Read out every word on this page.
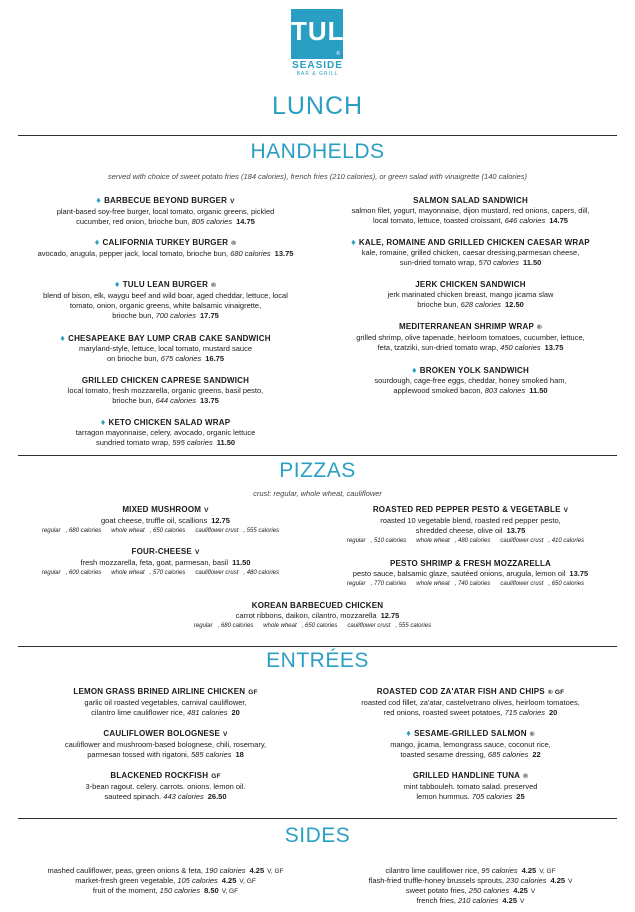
TULU
®
SEASIDE
BAR & GRILL
LUNCH
HANDHELDS
served with choice of sweet potato fries (184 calories), french fries (210 calories), or green salad with vinaigrette (140 calories)
♦ BARBECUE BEYOND BURGER V
plant-based soy-free burger, local tomato, organic greens, pickled
cucumber, red onion, brioche bun, 805 calories 14.75
♦ CALIFORNIA TURKEY BURGER ®
avocado, arugula, pepper jack, local tomato, brioche bun, 680 calories 13.75
♦ TULU LEAN BURGER ®
blend of bison, elk, waygu beef and wild boar, aged cheddar, lettuce, local
tomato, onion, organic greens, white balsamic vinaigrette,
brioche bun, 700 calories 17.75
♦ CHESAPEAKE BAY LUMP CRAB CAKE SANDWICH
maryland-style, lettuce, local tomato, mustard sauce
on brioche bun, 675 calories 16.75
GRILLED CHICKEN CAPRESE SANDWICH
local tomato, fresh mozzarella, organic greens, basil pesto,
brioche bun, 644 calories 13.75
♦ KETO CHICKEN SALAD WRAP
tarragon mayonnaise, celery, avocado, organic lettuce
sundried tomato wrap, 595 calories 11.50
SALMON SALAD SANDWICH
salmon filet, yogurt, mayonnaise, dijon mustard, red onions, capers, dill,
local tomato, lettuce, toasted croissant, 646 calories 14.75
♦ KALE, ROMAINE AND GRILLED CHICKEN CAESAR WRAP
kale, romaine, grilled chicken, caesar dressing,parmesan cheese,
sun-dried tomato wrap, 570 calories 11.50
JERK CHICKEN SANDWICH
jerk marinated chicken breast, mango jicama slaw
brioche bun, 628 calories 12.50
MEDITERRANEAN SHRIMP WRAP ®
grilled shrimp, olive tapenade, heirloom tomatoes, cucumber, lettuce,
feta, tzatziki, sun-dried tomato wrap, 450 calories 13.75
♦ BROKEN YOLK SANDWICH
sourdough, cage-free eggs, cheddar, honey smoked ham,
applewood smoked bacon, 803 calories 11.50
PIZZAS
crust: regular, whole wheat, cauliflower
MIXED MUSHROOM V
goat cheese, truffle oil, scallions 12.75
regular , 680 calories whole wheat , 650 calories cauliflower crust , 555 calories
FOUR-CHEESE V
fresh mozzarella, feta, goat, parmesan, basil 11.50
regular , 600 calories whole wheat , 570 calories cauliflower crust , 480 calories
ROASTED RED PEPPER PESTO & VEGETABLE V
roasted 10 vegetable blend, roasted red pepper pesto,
shredded cheese, olive oil 13.75
regular , 510 calories whole wheat , 480 calories cauliflower crust , 410 calories
PESTO SHRIMP & FRESH MOZZARELLA
pesto sauce, balsamic glaze, sautéed onions, arugula, lemon oil 13.75
regular , 770 calories whole wheat , 740 calories cauliflower crust , 650 calories
KOREAN BARBECUED CHICKEN
carrot ribbons, daikon, cilantro, mozzarella 12.75
regular , 680 calories whole wheat , 650 calories cauliflower crust , 555 calories
ENTRÉES
LEMON GRASS BRINED AIRLINE CHICKEN GF
garlic oil roasted vegetables, carnival cauliflower,
cilantro lime cauliflower rice, 481 calories 20
CAULIFLOWER BOLOGNESE V
cauliflower and mushroom-based bolognese, chili, rosemary,
parmesan tossed with rigatoni, 585 calories 18
BLACKENED ROCKFISH GF
3-bean ragout. celery. carrots. onions. lemon oil.
sauteed spinach. 443 calories 26.50
ROASTED COD ZA'ATAR FISH AND CHIPS ® GF
roasted cod fillet, za'atar, castelvetrano olives, heirloom tomatoes,
red onions, roasted sweet potatoes, 715 calories 20
♦ SESAME-GRILLED SALMON ®
mango, jicama, lemongrass sauce, coconut rice,
toasted sesame dressing, 685 calories 22
GRILLED HANDLINE TUNA ®
mint tabbouleh. tomato salad. preserved
lemon hummus. 705 calories 25
SIDES
mashed cauliflower, peas, green onions & feta, 190 calories 4.25 V, GF
market-fresh green vegetable, 105 calories 4.25 V, GF
fruit of the moment, 150 calories 8.50 V, GF
cilantro lime cauliflower rice, 95 calories 4.25 V, GF
flash-fried truffle-honey brussels sprouts, 230 calories 4.25 V
sweet potato fries, 250 calories 4.25 V
french fries, 210 calories 4.25 V
